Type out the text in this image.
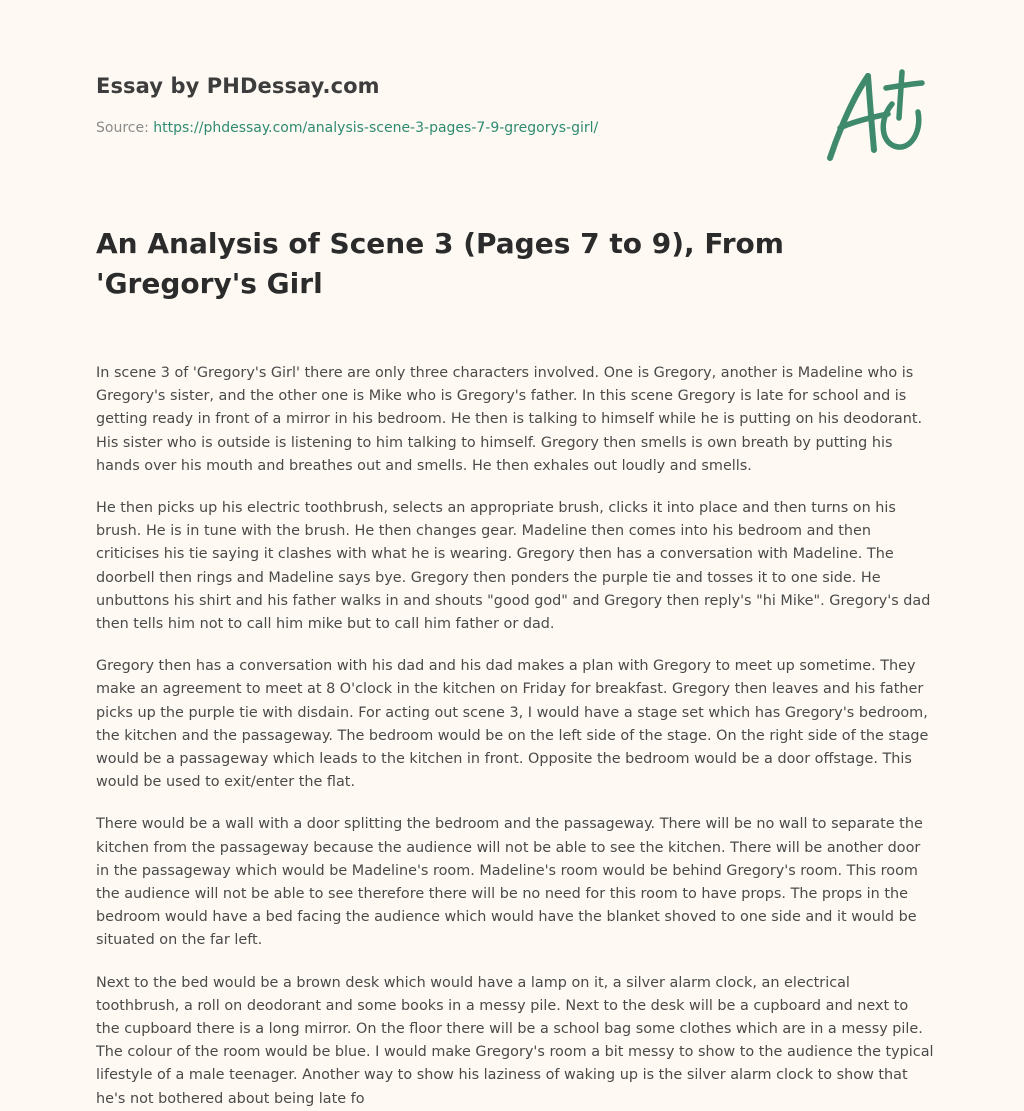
Essay by PHDessay.com
Source: https://phdessay.com/analysis-scene-3-pages-7-9-gregorys-girl/
An Analysis of Scene 3 (Pages 7 to 9), From 'Gregory's Girl

In scene 3 of 'Gregory's Girl' there are only three characters involved. One is Gregory, another is Madeline who is Gregory's sister, and the other one is Mike who is Gregory's father. In this scene Gregory is late for school and is getting ready in front of a mirror in his bedroom. He then is talking to himself while he is putting on his deodorant. His sister who is outside is listening to him talking to himself. Gregory then smells is own breath by putting his hands over his mouth and breathes out and smells. He then exhales out loudly and smells.

He then picks up his electric toothbrush, selects an appropriate brush, clicks it into place and then turns on his brush. He is in tune with the brush. He then changes gear. Madeline then comes into his bedroom and then criticises his tie saying it clashes with what he is wearing. Gregory then has a conversation with Madeline. The doorbell then rings and Madeline says bye. Gregory then ponders the purple tie and tosses it to one side. He unbuttons his shirt and his father walks in and shouts "good god" and Gregory then reply's "hi Mike". Gregory's dad then tells him not to call him mike but to call him father or dad.

Gregory then has a conversation with his dad and his dad makes a plan with Gregory to meet up sometime. They make an agreement to meet at 8 O'clock in the kitchen on Friday for breakfast. Gregory then leaves and his father picks up the purple tie with disdain. For acting out scene 3, I would have a stage set which has Gregory's bedroom, the kitchen and the passageway. The bedroom would be on the left side of the stage. On the right side of the stage would be a passageway which leads to the kitchen in front. Opposite the bedroom would be a door offstage. This would be used to exit/enter the flat.

There would be a wall with a door splitting the bedroom and the passageway. There will be no wall to separate the kitchen from the passageway because the audience will not be able to see the kitchen. There will be another door in the passageway which would be Madeline's room. Madeline's room would be behind Gregory's room. This room the audience will not be able to see therefore there will be no need for this room to have props. The props in the bedroom would have a bed facing the audience which would have the blanket shoved to one side and it would be situated on the far left.

Next to the bed would be a brown desk which would have a lamp on it, a silver alarm clock, an electrical toothbrush, a roll on deodorant and some books in a messy pile. Next to the desk will be a cupboard and next to the cupboard there is a long mirror. On the floor there will be a school bag some clothes which are in a messy pile. The colour of the room would be blue. I would make Gregory's room a bit messy to show to the audience the typical lifestyle of a male teenager. Another way to show his laziness of waking up is the silver alarm clock to show that he's not bothered about being late fo
